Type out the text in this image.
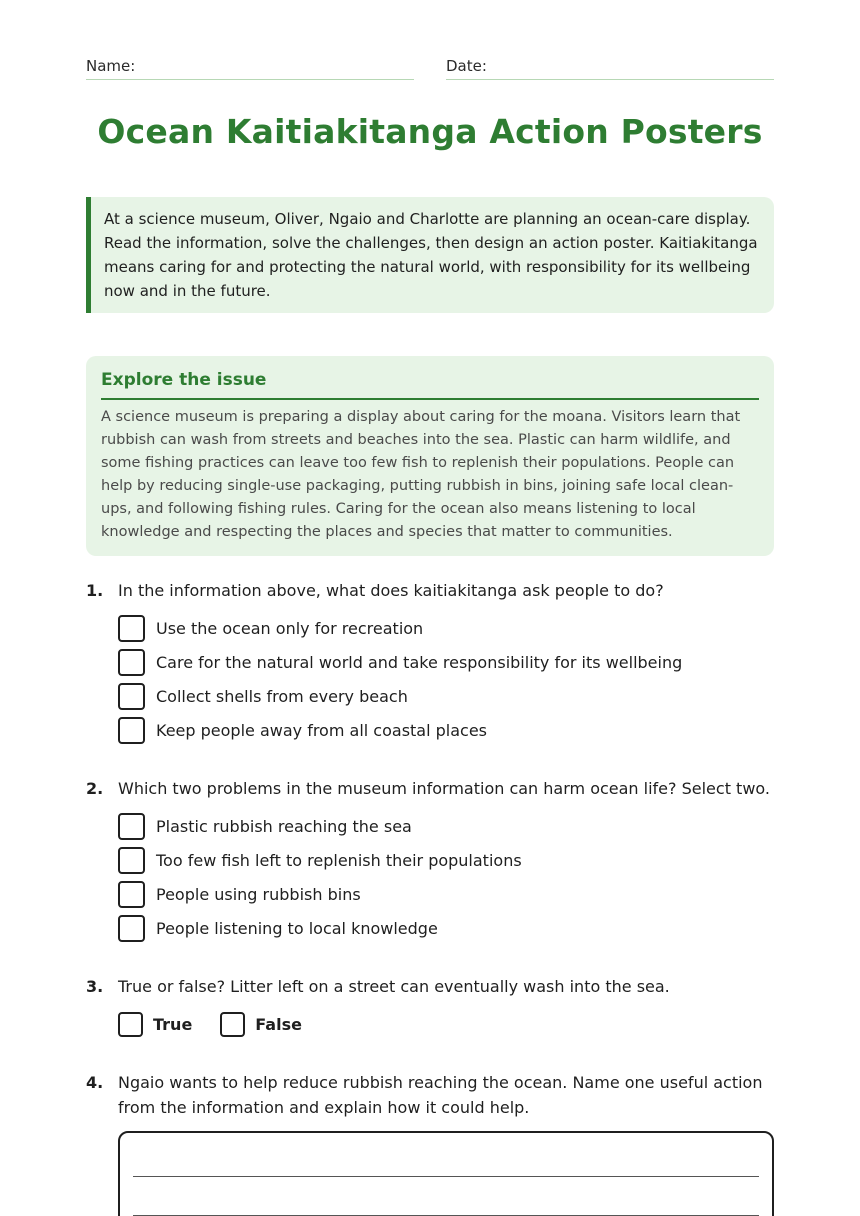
Name:	Date:
Ocean Kaitiakitanga Action Posters
At a science museum, Oliver, Ngaio and Charlotte are planning an ocean-care display. Read the information, solve the challenges, then design an action poster. Kaitiakitanga means caring for and protecting the natural world, with responsibility for its wellbeing now and in the future.
Explore the issue
A science museum is preparing a display about caring for the moana. Visitors learn that rubbish can wash from streets and beaches into the sea. Plastic can harm wildlife, and some fishing practices can leave too few fish to replenish their populations. People can help by reducing single-use packaging, putting rubbish in bins, joining safe local clean-ups, and following fishing rules. Caring for the ocean also means listening to local knowledge and respecting the places and species that matter to communities.
1. In the information above, what does kaitiakitanga ask people to do?
Use the ocean only for recreation
Care for the natural world and take responsibility for its wellbeing
Collect shells from every beach
Keep people away from all coastal places
2. Which two problems in the museum information can harm ocean life? Select two.
Plastic rubbish reaching the sea
Too few fish left to replenish their populations
People using rubbish bins
People listening to local knowledge
3. True or false? Litter left on a street can eventually wash into the sea.
True	False
4. Ngaio wants to help reduce rubbish reaching the ocean. Name one useful action from the information and explain how it could help.
